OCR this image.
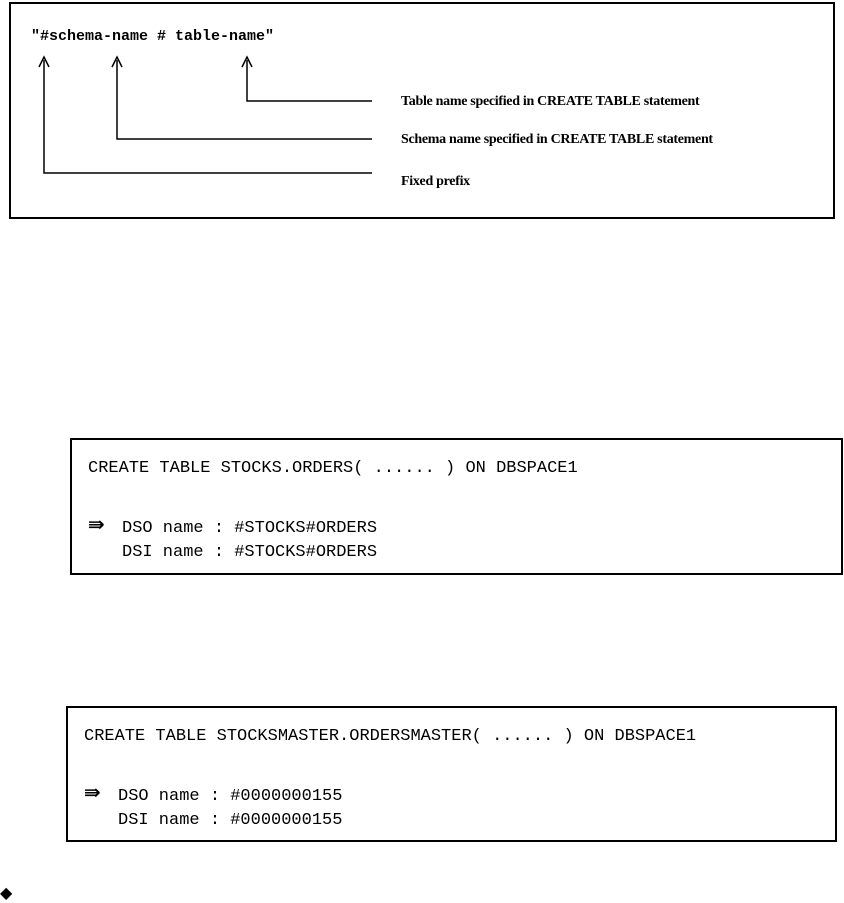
"#schema-name # table-name"
Table name specified in CREATE TABLE statement
Schema name specified in CREATE TABLE statement
Fixed prefix
CREATE TABLE STOCKS.ORDERS( ...... ) ON DBSPACE1
⇛ DSO name : #STOCKS#ORDERS
DSI name : #STOCKS#ORDERS
CREATE TABLE STOCKSMASTER.ORDERSMASTER( ...... ) ON DBSPACE1
⇛ DSO name : #0000000155
DSI name : #0000000155
◆
